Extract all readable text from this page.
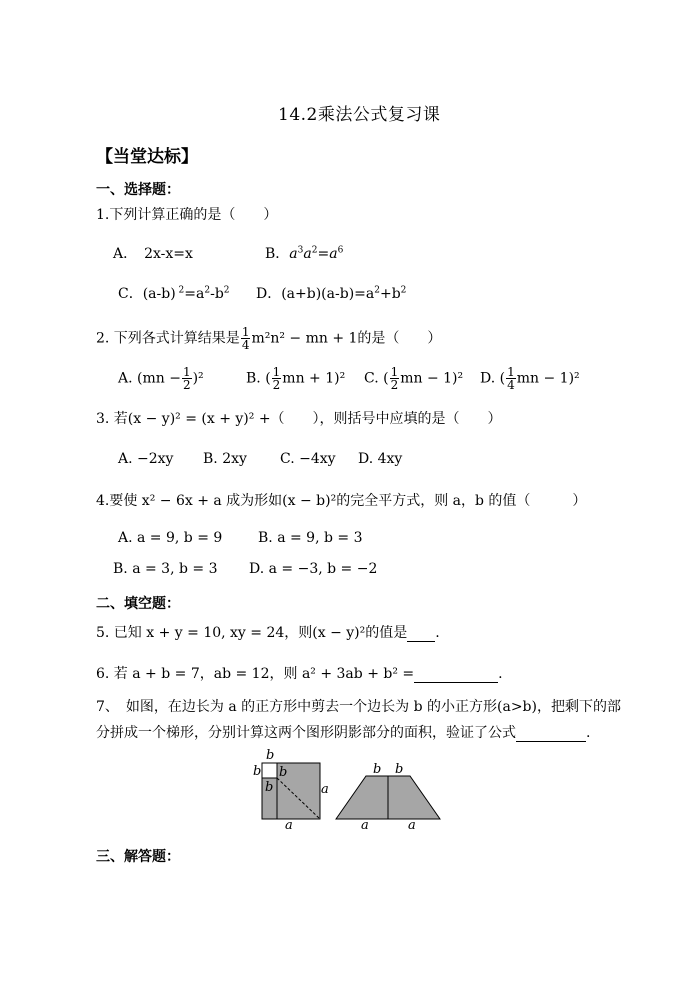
14.2乘法公式复习课
【当堂达标】
一、选择题：
1.下列计算正确的是（　　）
A．　2x-x=x	B．$a^3a^2=a^6$
C．(a-b) $^2=a^2-b^2$ D．$(a+b)(a-b)=a^2+b^2$
2. 下列各式计算结果是 $\frac{1}{4} m^2n^2$ − mn + 1的是（　　）
A. $(mn - \frac{1}{2} )^2$	B. ( $\frac{1}{2}$ mn + 1)² C. ( $\frac{1}{2}$ mn − 1)² D. ( $\frac{1}{4}$ mn − 1)²
3. 若(x − y)² = (x + y)² +（　　），则括号中应填的是（　　）
A. −2xy B. 2xy C. −4xy D. 4xy
4.要使 x² − 6x + a 成为形如(x − b)²的完全平方式，则 a，b 的值（　　　）
A. a = 9, b = 9	B. a = 9, b = 3
B. a = 3, b = 3 D. a = −3, b = −2
二、填空题：
5. 已知 x + y = 10, xy = 24，则(x − y)²的值是 .
6. 若 a + b = 7，ab = 12，则 a² + 3ab + b² =	.
7、　如图，在边长为 a 的正方形中剪去一个边长为 b 的小正方形(a>b)，把剩下的部
分拼成一个梯形，分别计算这两个图形阴影部分的面积，验证了公式	.
b
b b
b	a
a
b b
a	a
三、解答题：
